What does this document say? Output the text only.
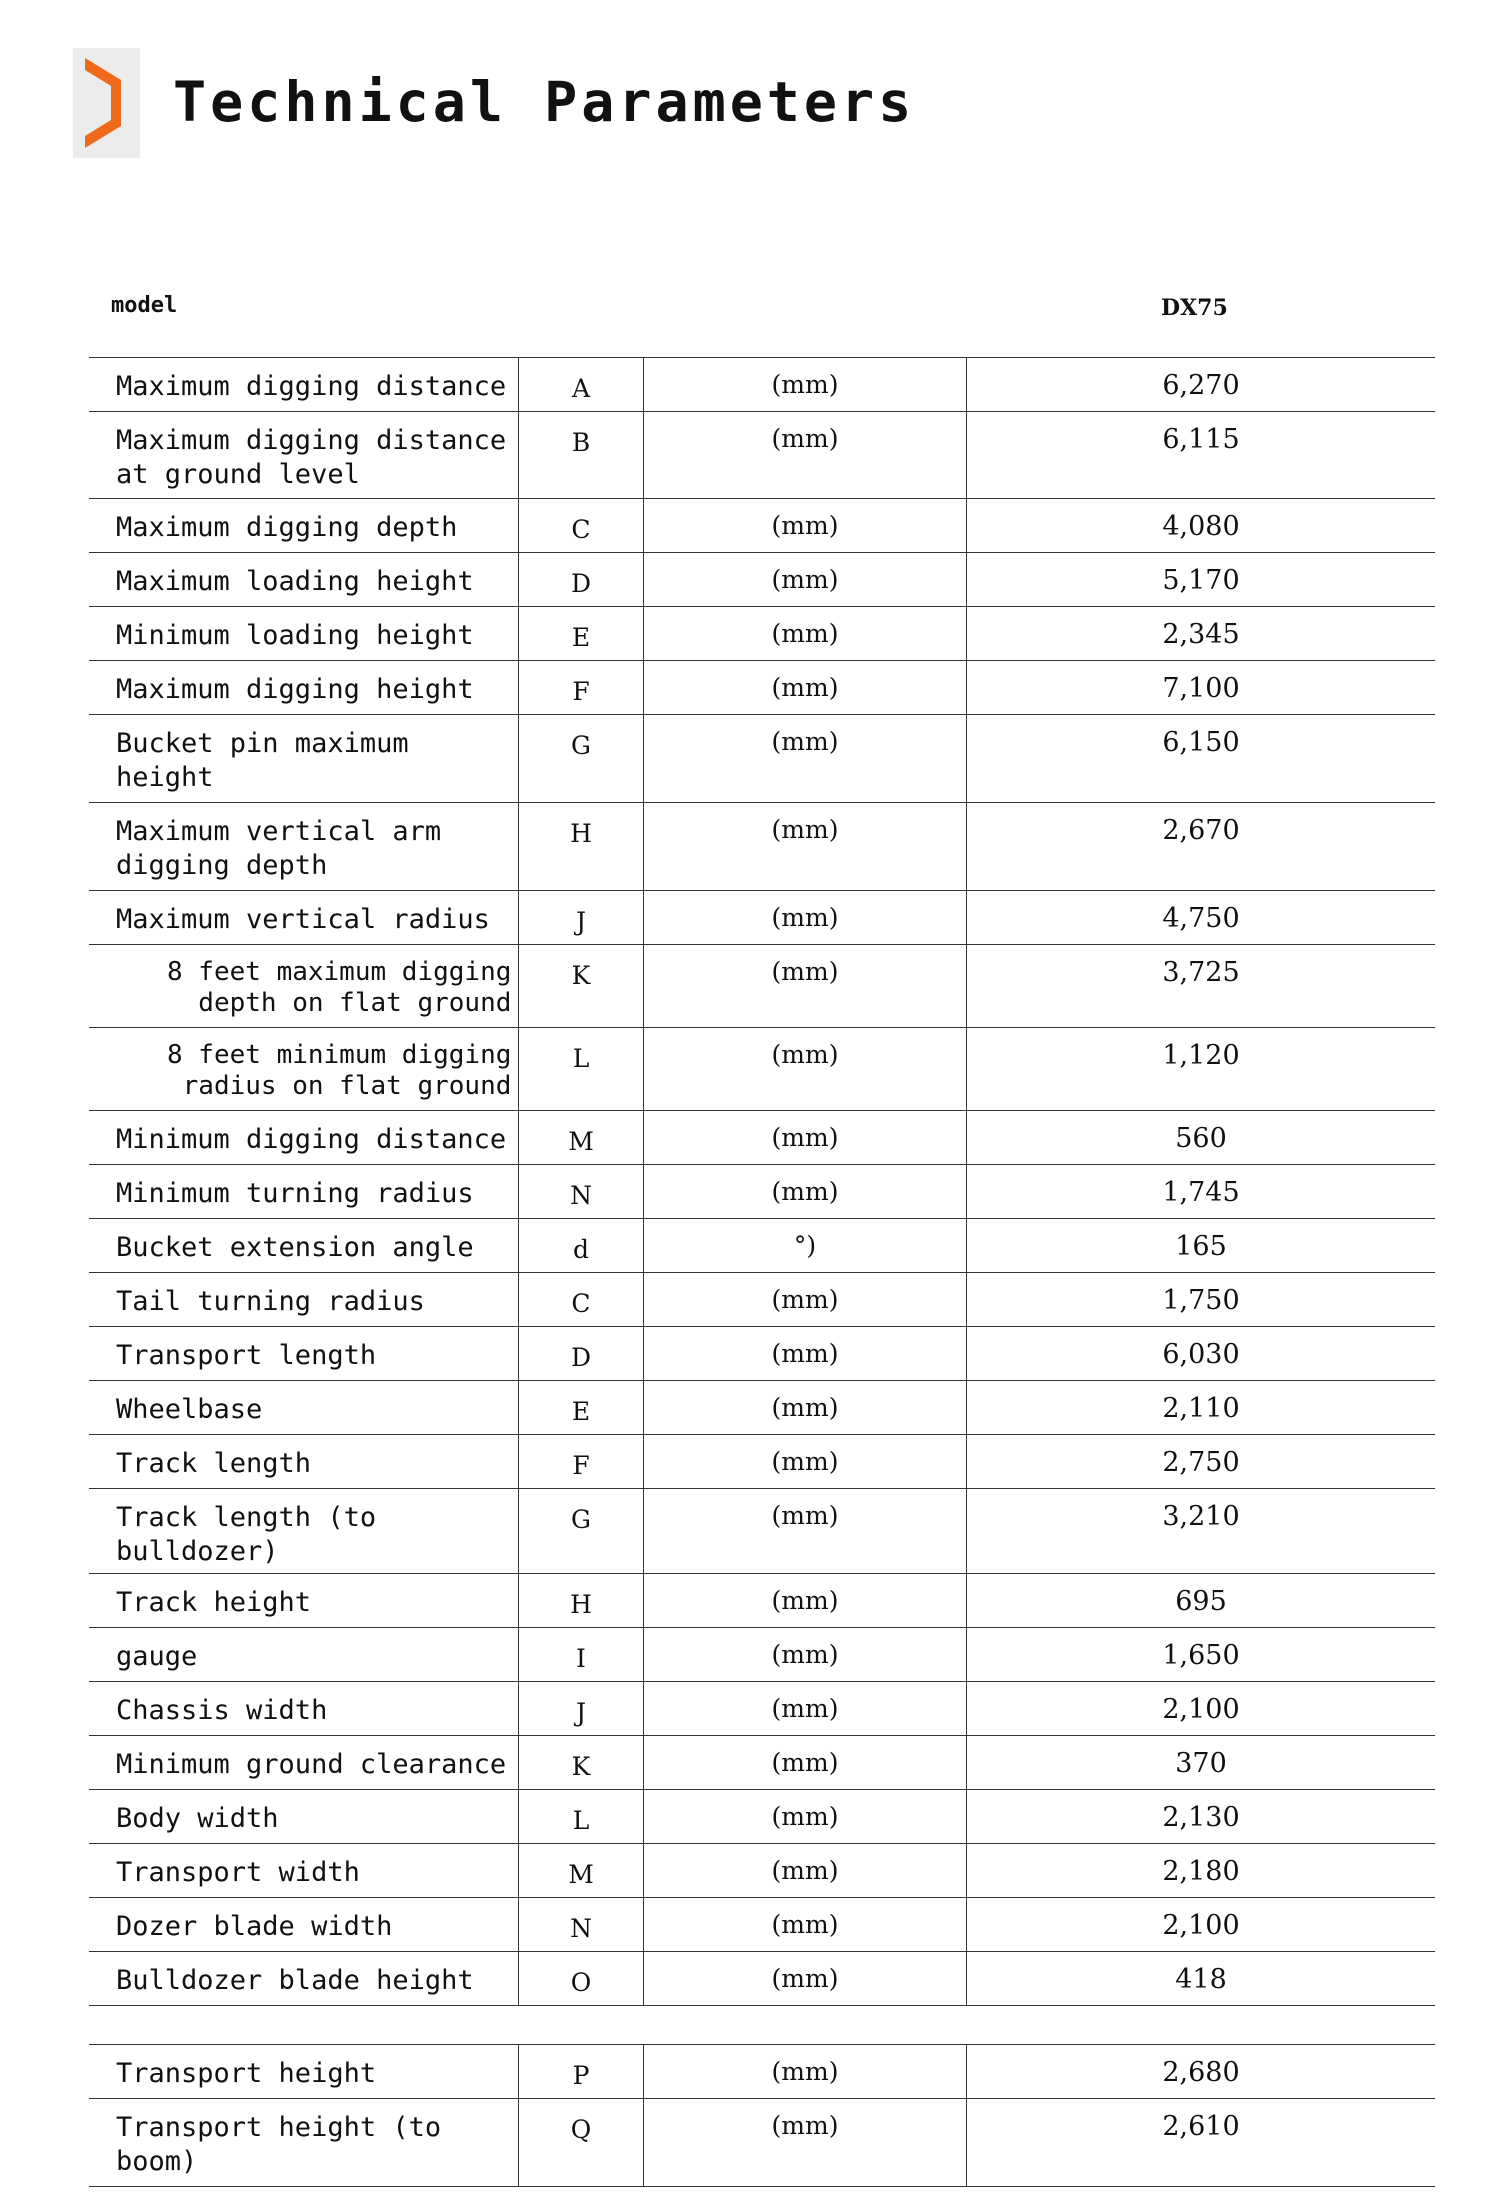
Technical Parameters
model	DX75
Maximum digging distance	A	(mm)	6,270
Maximum digging distance
at ground level	B	(mm)	6,115
Maximum digging depth	C	(mm)	4,080
Maximum loading height	D	(mm)	5,170
Minimum loading height	E	(mm)	2,345
Maximum digging height	F	(mm)	7,100
Bucket pin maximum
height	G	(mm)	6,150
Maximum vertical arm
digging depth	H	(mm)	2,670
Maximum vertical radius	J	(mm)	4,750
8 feet maximum digging
depth on flat ground	K	(mm)	3,725
8 feet minimum digging
radius on flat ground	L	(mm)	1,120
Minimum digging distance	M	(mm)	560
Minimum turning radius	N	(mm)	1,745
Bucket extension angle	d	°)	165
Tail turning radius	C	(mm)	1,750
Transport length	D	(mm)	6,030
Wheelbase	E	(mm)	2,110
Track length	F	(mm)	2,750
Track length (to
bulldozer)	G	(mm)	3,210
Track height	H	(mm)	695
gauge	I	(mm)	1,650
Chassis width	J	(mm)	2,100
Minimum ground clearance	K	(mm)	370
Body width	L	(mm)	2,130
Transport width	M	(mm)	2,180
Dozer blade width	N	(mm)	2,100
Bulldozer blade height	O	(mm)	418
Transport height	P	(mm)	2,680
Transport height (to
boom)	Q	(mm)	2,610
